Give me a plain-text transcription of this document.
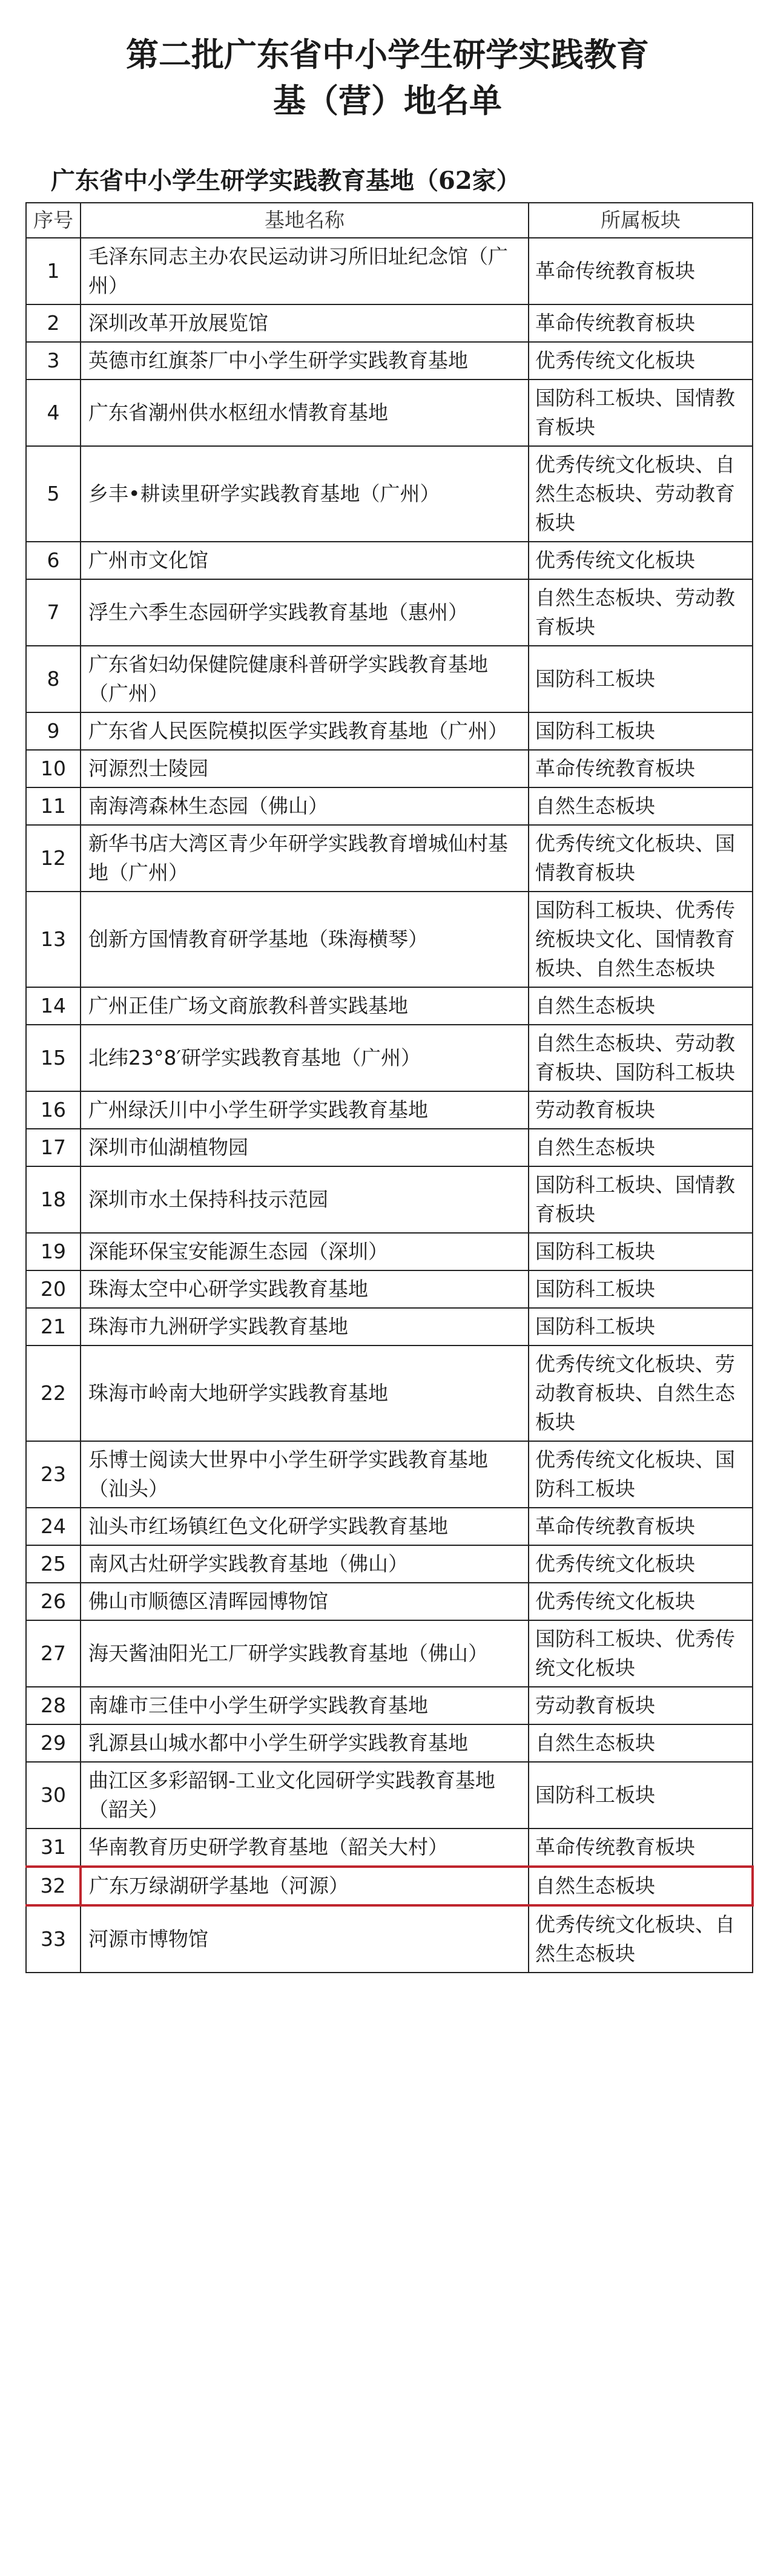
第二批广东省中小学生研学实践教育

基（营）地名单

广东省中小学生研学实践教育基地（62家）

序号	基地名称	所属板块
1	毛泽东同志主办农民运动讲习所旧址纪念馆（广州）	革命传统教育板块
2	深圳改革开放展览馆	革命传统教育板块
3	英德市红旗茶厂中小学生研学实践教育基地	优秀传统文化板块
4	广东省潮州供水枢纽水情教育基地	国防科工板块、国情教育板块
5	乡丰•耕读里研学实践教育基地（广州）	优秀传统文化板块、自然生态板块、劳动教育板块
6	广州市文化馆	优秀传统文化板块
7	浮生六季生态园研学实践教育基地（惠州）	自然生态板块、劳动教育板块
8	广东省妇幼保健院健康科普研学实践教育基地（广州）	国防科工板块
9	广东省人民医院模拟医学实践教育基地（广州）	国防科工板块
10	河源烈士陵园	革命传统教育板块
11	南海湾森林生态园（佛山）	自然生态板块
12	新华书店大湾区青少年研学实践教育增城仙村基地（广州）	优秀传统文化板块、国情教育板块
13	创新方国情教育研学基地（珠海横琴）	国防科工板块、优秀传统板块文化、国情教育板块、自然生态板块
14	广州正佳广场文商旅教科普实践基地	自然生态板块
15	北纬23°8′研学实践教育基地（广州）	自然生态板块、劳动教育板块、国防科工板块
16	广州绿沃川中小学生研学实践教育基地	劳动教育板块
17	深圳市仙湖植物园	自然生态板块
18	深圳市水土保持科技示范园	国防科工板块、国情教育板块
19	深能环保宝安能源生态园（深圳）	国防科工板块
20	珠海太空中心研学实践教育基地	国防科工板块
21	珠海市九洲研学实践教育基地	国防科工板块
22	珠海市岭南大地研学实践教育基地	优秀传统文化板块、劳动教育板块、自然生态板块
23	乐博士阅读大世界中小学生研学实践教育基地（汕头）	优秀传统文化板块、国防科工板块
24	汕头市红场镇红色文化研学实践教育基地	革命传统教育板块
25	南风古灶研学实践教育基地（佛山）	优秀传统文化板块
26	佛山市顺德区清晖园博物馆	优秀传统文化板块
27	海天酱油阳光工厂研学实践教育基地（佛山）	国防科工板块、优秀传统文化板块
28	南雄市三佳中小学生研学实践教育基地	劳动教育板块
29	乳源县山城水都中小学生研学实践教育基地	自然生态板块
30	曲江区多彩韶钢-工业文化园研学实践教育基地（韶关）	国防科工板块
31	华南教育历史研学教育基地（韶关大村）	革命传统教育板块
32	广东万绿湖研学基地（河源）	自然生态板块
33	河源市博物馆	优秀传统文化板块、自然生态板块
